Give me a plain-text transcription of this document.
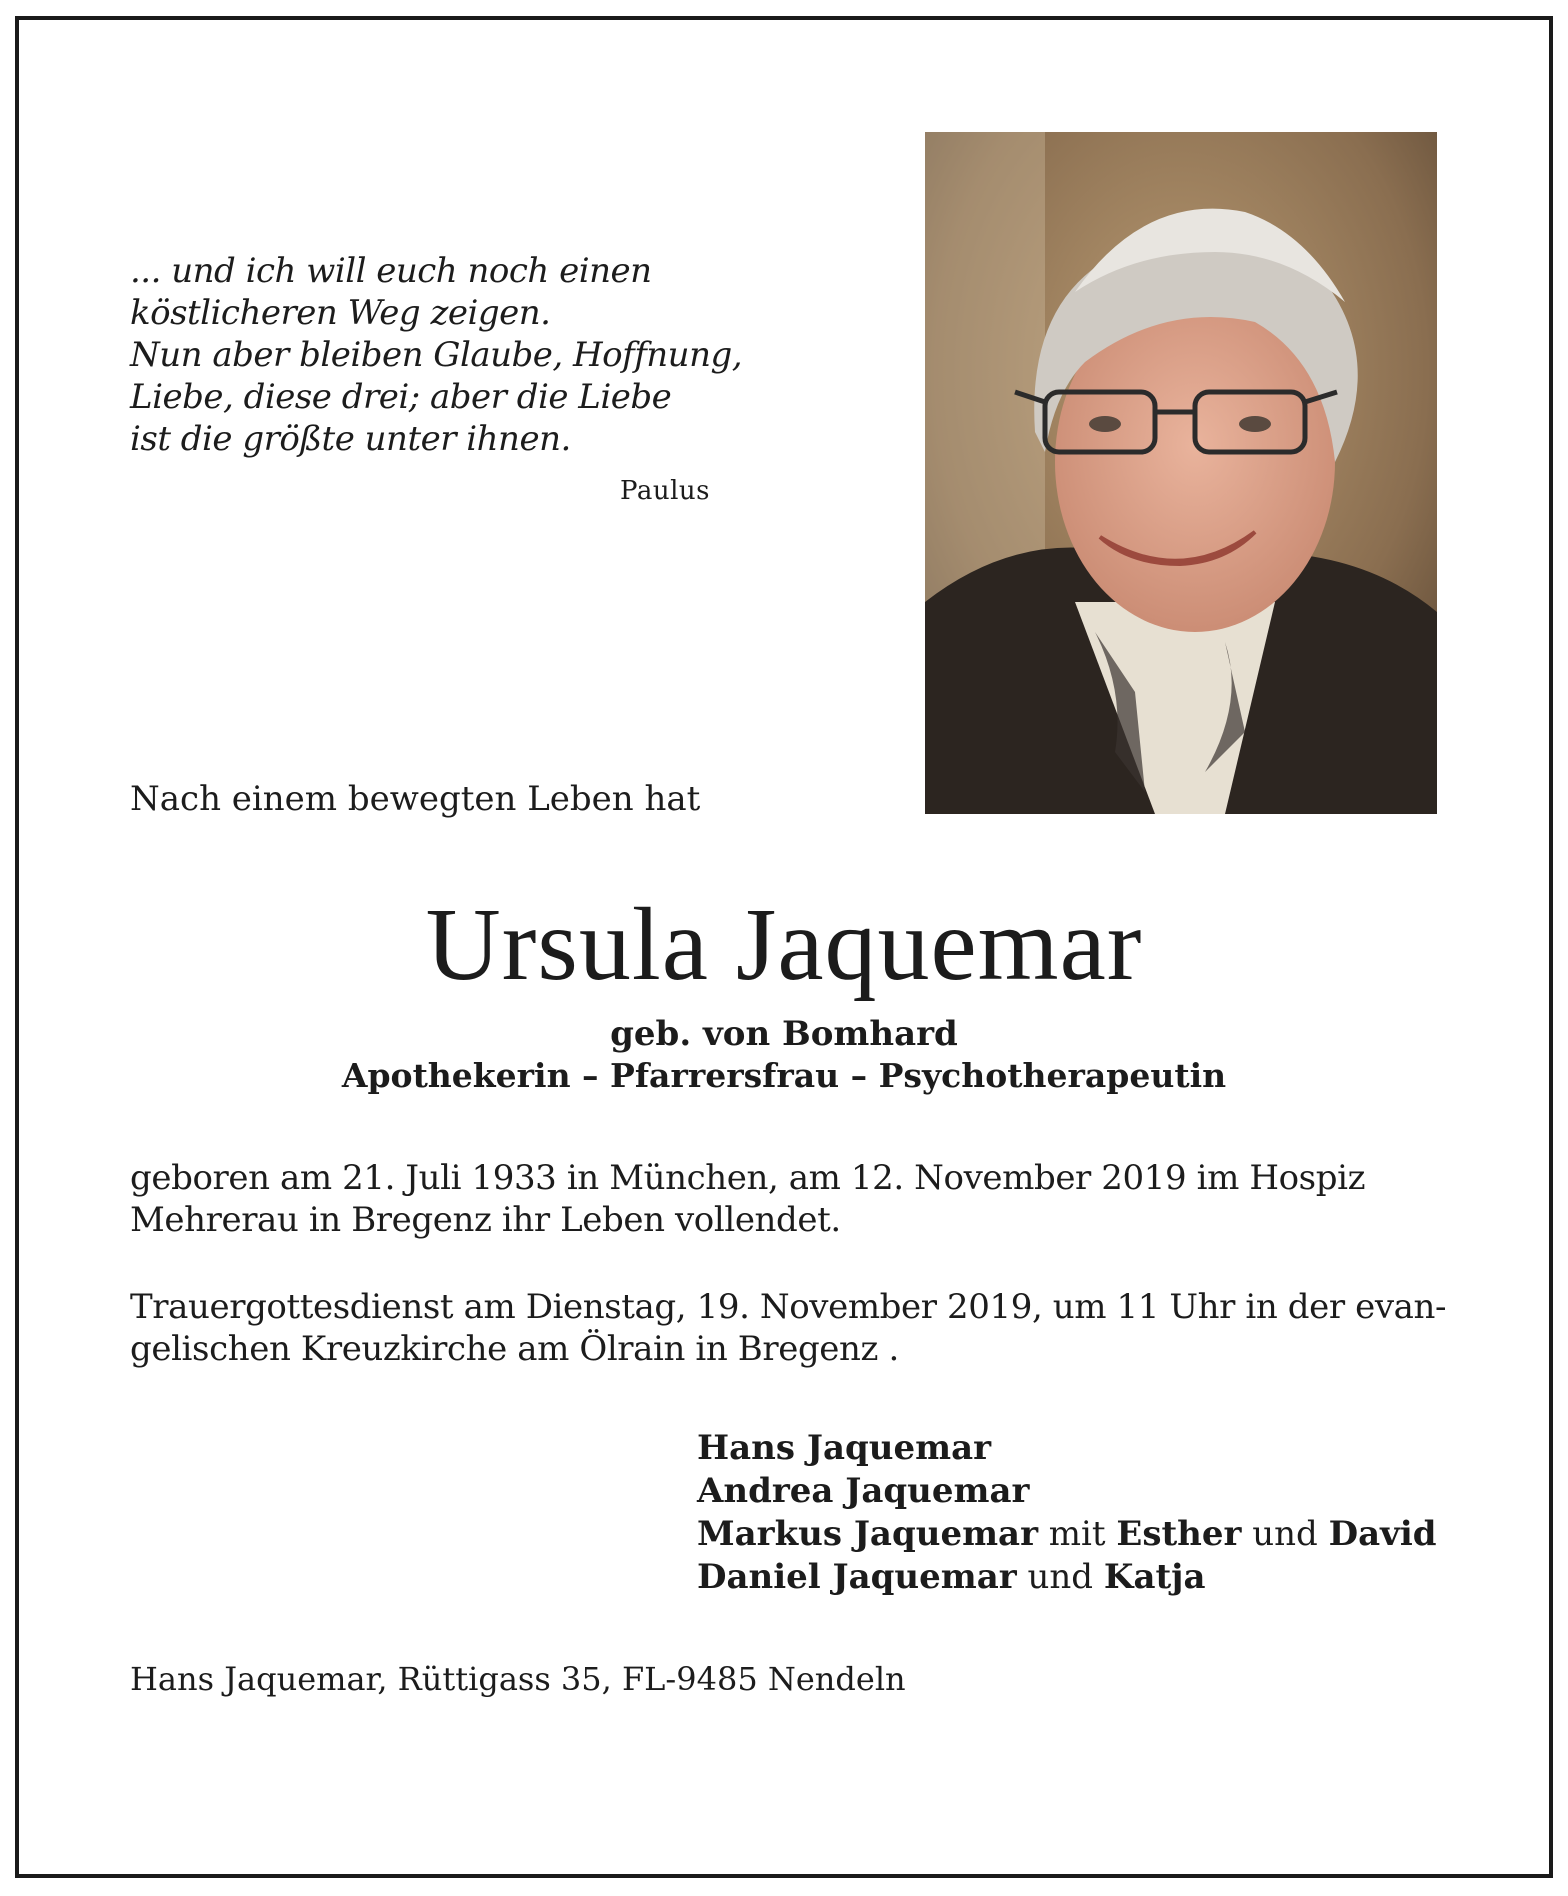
... und ich will euch noch einen
köstlicheren Weg zeigen.
Nun aber bleiben Glaube, Hoffnung,
Liebe, diese drei; aber die Liebe
ist die größte unter ihnen.
Paulus
Nach einem bewegten Leben hat
Ursula Jaquemar
geb. von Bomhard
Apothekerin – Pfarrersfrau – Psychotherapeutin
geboren am 21. Juli 1933 in München, am 12. November 2019 im Hospiz
Mehrerau in Bregenz ihr Leben vollendet.
Trauergottesdienst am Dienstag, 19. November 2019, um 11 Uhr in der evan-
gelischen Kreuzkirche am Ölrain in Bregenz .
Hans Jaquemar
Andrea Jaquemar
Markus Jaquemar mit Esther und David
Daniel Jaquemar und Katja
Hans Jaquemar, Rüttigass 35, FL-9485 Nendeln
